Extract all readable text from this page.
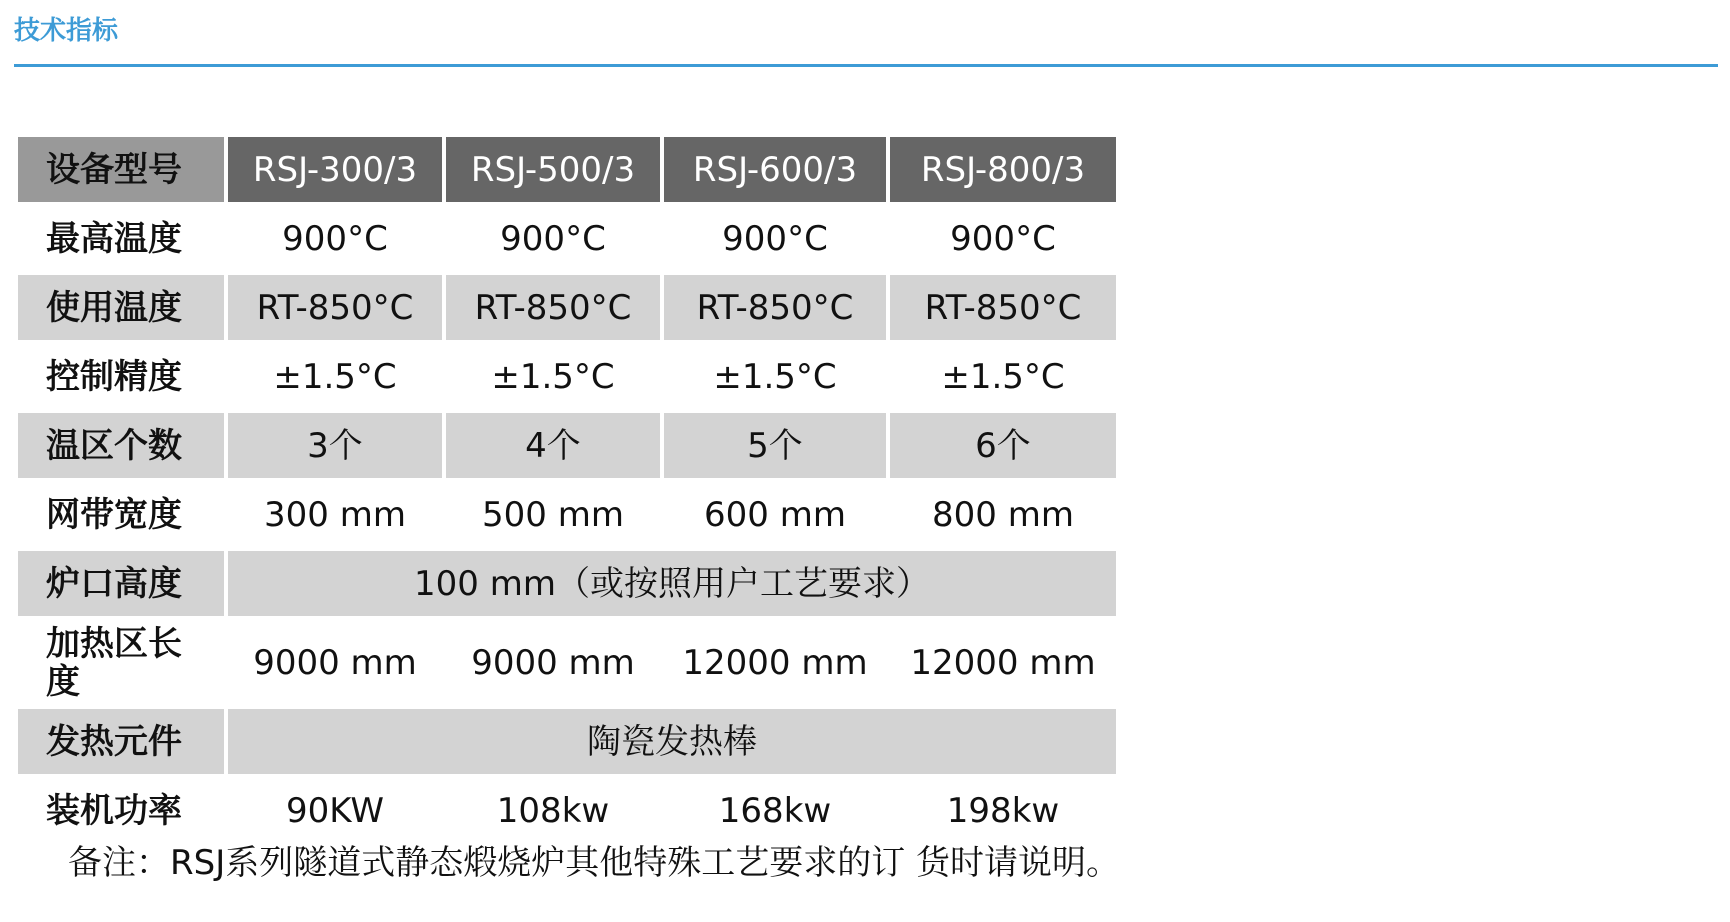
技术指标
设备型号	RSJ-300/3	RSJ-500/3	RSJ-600/3	RSJ-800/3
最高温度	900°C	900°C	900°C	900°C
使用温度	RT-850°C	RT-850°C	RT-850°C	RT-850°C
控制精度	±1.5°C	±1.5°C	±1.5°C	±1.5°C
温区个数	3个	4个	5个	6个
网带宽度	300 mm	500 mm	600 mm	800 mm
炉口高度	100 mm（或按照用户工艺要求）			
加热区长度	9000 mm	9000 mm	12000 mm	12000 mm
发热元件	陶瓷发热棒			
装机功率	90KW	108kw	168kw	198kw
备注：RSJ系列隧道式静态煅烧炉其他特殊工艺要求的订 货时请说明。
